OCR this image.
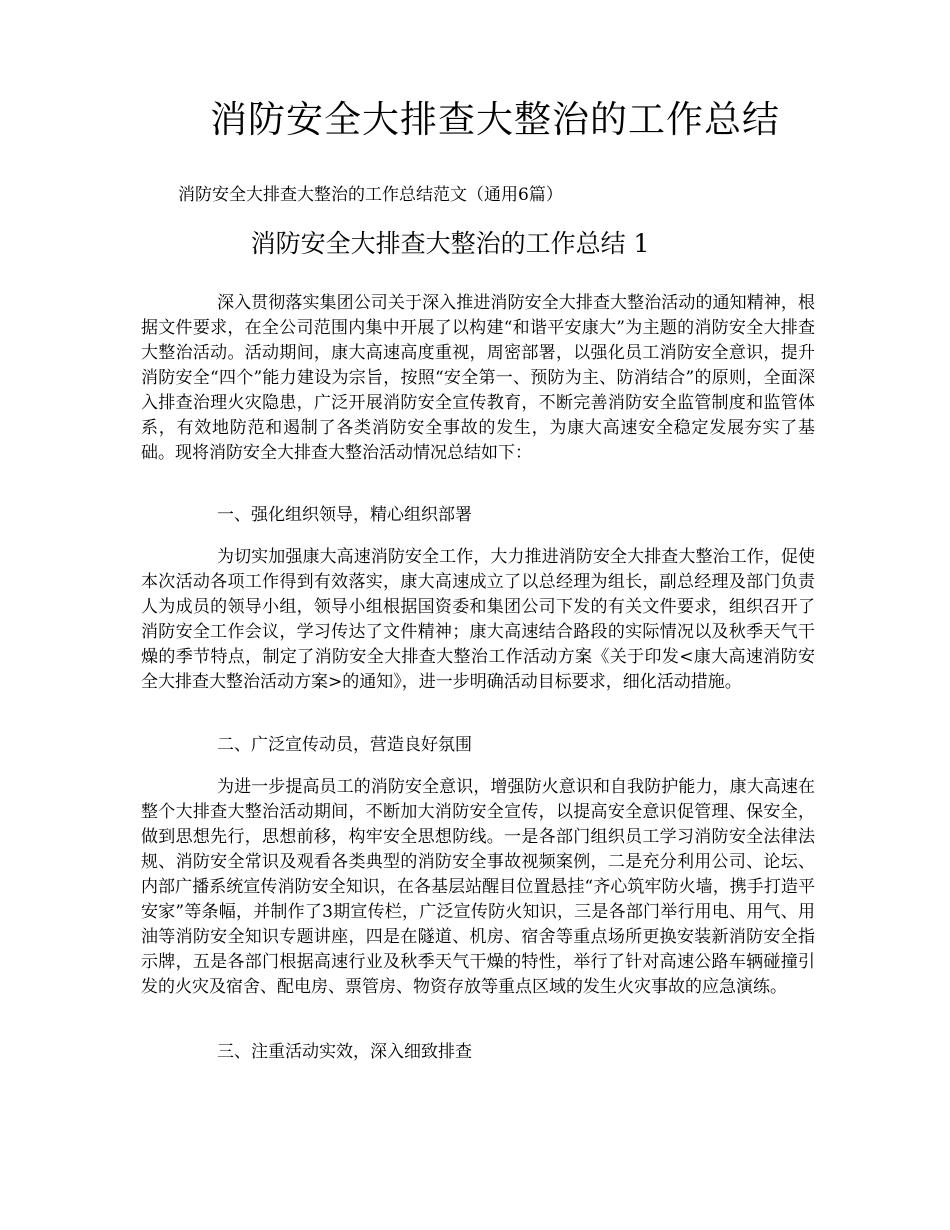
消防安全大排查大整治的工作总结

消防安全大排查大整治的工作总结范文（通用6篇）

消防安全大排查大整治的工作总结 1

深入贯彻落实集团公司关于深入推进消防安全大排查大整治活动的通知精神，根据文件要求，在全公司范围内集中开展了以构建“和谐平安康大”为主题的消防安全大排查大整治活动。活动期间，康大高速高度重视，周密部署，以强化员工消防安全意识，提升消防安全“四个”能力建设为宗旨，按照“安全第一、预防为主、防消结合”的原则，全面深入排查治理火灾隐患，广泛开展消防安全宣传教育，不断完善消防安全监管制度和监管体系，有效地防范和遏制了各类消防安全事故的发生，为康大高速安全稳定发展夯实了基础。现将消防安全大排查大整治活动情况总结如下：

一、强化组织领导，精心组织部署

为切实加强康大高速消防安全工作，大力推进消防安全大排查大整治工作，促使本次活动各项工作得到有效落实，康大高速成立了以总经理为组长，副总经理及部门负责人为成员的领导小组，领导小组根据国资委和集团公司下发的有关文件要求，组织召开了消防安全工作会议，学习传达了文件精神；康大高速结合路段的实际情况以及秋季天气干燥的季节特点，制定了消防安全大排查大整治工作活动方案《关于印发<康大高速消防安全大排查大整治活动方案>的通知》，进一步明确活动目标要求，细化活动措施。

二、广泛宣传动员，营造良好氛围

为进一步提高员工的消防安全意识，增强防火意识和自我防护能力，康大高速在整个大排查大整治活动期间，不断加大消防安全宣传，以提高安全意识促管理、保安全，做到思想先行，思想前移，构牢安全思想防线。一是各部门组织员工学习消防安全法律法规、消防安全常识及观看各类典型的消防安全事故视频案例，二是充分利用公司、论坛、内部广播系统宣传消防安全知识，在各基层站醒目位置悬挂“齐心筑牢防火墙，携手打造平安家”等条幅，并制作了3期宣传栏，广泛宣传防火知识，三是各部门举行用电、用气、用油等消防安全知识专题讲座，四是在隧道、机房、宿舍等重点场所更换安装新消防安全指示牌，五是各部门根据高速行业及秋季天气干燥的特性，举行了针对高速公路车辆碰撞引发的火灾及宿舍、配电房、票管房、物资存放等重点区域的发生火灾事故的应急演练。

三、注重活动实效，深入细致排查
